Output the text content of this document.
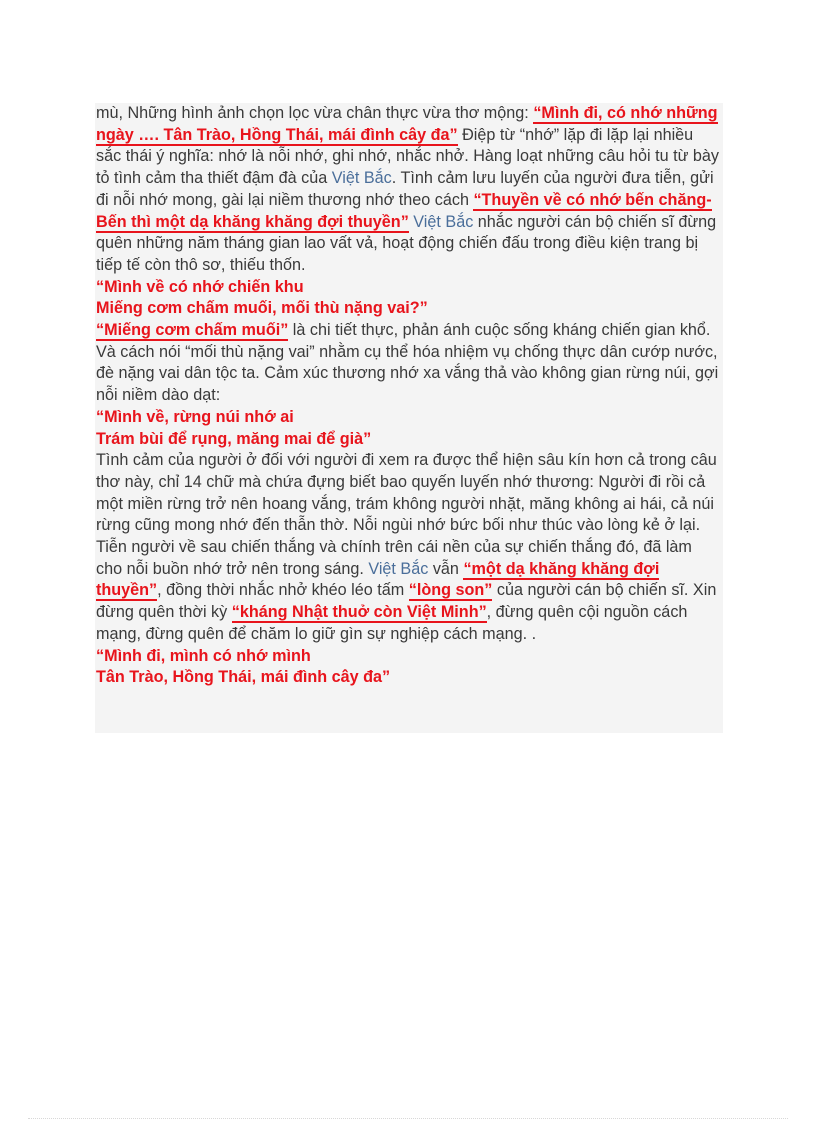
mù, Những hình ảnh chọn lọc vừa chân thực vừa thơ mộng: “Mình đi, có nhớ những ngày …. Tân Trào, Hồng Thái, mái đình cây đa” Điệp từ “nhớ” lặp đi lặp lại nhiều sắc thái ý nghĩa: nhớ là nỗi nhớ, ghi nhớ, nhắc nhở. Hàng loạt những câu hỏi tu từ bày tỏ tình cảm tha thiết đậm đà của Việt Bắc. Tình cảm lưu luyến của người đưa tiễn, gửi đi nỗi nhớ mong, gài lại niềm thương nhớ theo cách “Thuyền về có nhớ bến chăng- Bến thì một dạ khăng khăng đợi thuyền” Việt Bắc nhắc người cán bộ chiến sĩ đừng quên những năm tháng gian lao vất vả, hoạt động chiến đấu trong điều kiện trang bị tiếp tế còn thô sơ, thiếu thốn.

“Mình về có nhớ chiến khu

Miếng cơm chấm muối, mối thù nặng vai?”

“Miếng cơm chấm muối” là chi tiết thực, phản ánh cuộc sống kháng chiến gian khổ. Và cách nói “mối thù nặng vai” nhằm cụ thể hóa nhiệm vụ chống thực dân cướp nước, đè nặng vai dân tộc ta. Cảm xúc thương nhớ xa vắng thả vào không gian rừng núi, gợi nỗi niềm dào dạt:

“Mình về, rừng núi nhớ ai

Trám bùi để rụng, măng mai để già”

Tình cảm của người ở đối với người đi xem ra được thể hiện sâu kín hơn cả trong câu thơ này, chỉ 14 chữ mà chứa đựng biết bao quyến luyến nhớ thương: Người đi rồi cả một miền rừng trở nên hoang vắng, trám không người nhặt, măng không ai hái, cả núi rừng cũng mong nhớ đến thẫn thờ. Nỗi ngùi nhớ bức bối như thúc vào lòng kẻ ở lại.

Tiễn người về sau chiến thắng và chính trên cái nền của sự chiến thắng đó, đã làm cho nỗi buồn nhớ trở nên trong sáng. Việt Bắc vẫn “một dạ khăng khăng đợi thuyền”, đồng thời nhắc nhở khéo léo tấm “lòng son” của người cán bộ chiến sĩ. Xin đừng quên thời kỳ “kháng Nhật thuở còn Việt Minh”, đừng quên cội nguồn cách mạng, đừng quên để chăm lo giữ gìn sự nghiệp cách mạng. .

“Mình đi, mình có nhớ mình

Tân Trào, Hồng Thái, mái đình cây đa”
